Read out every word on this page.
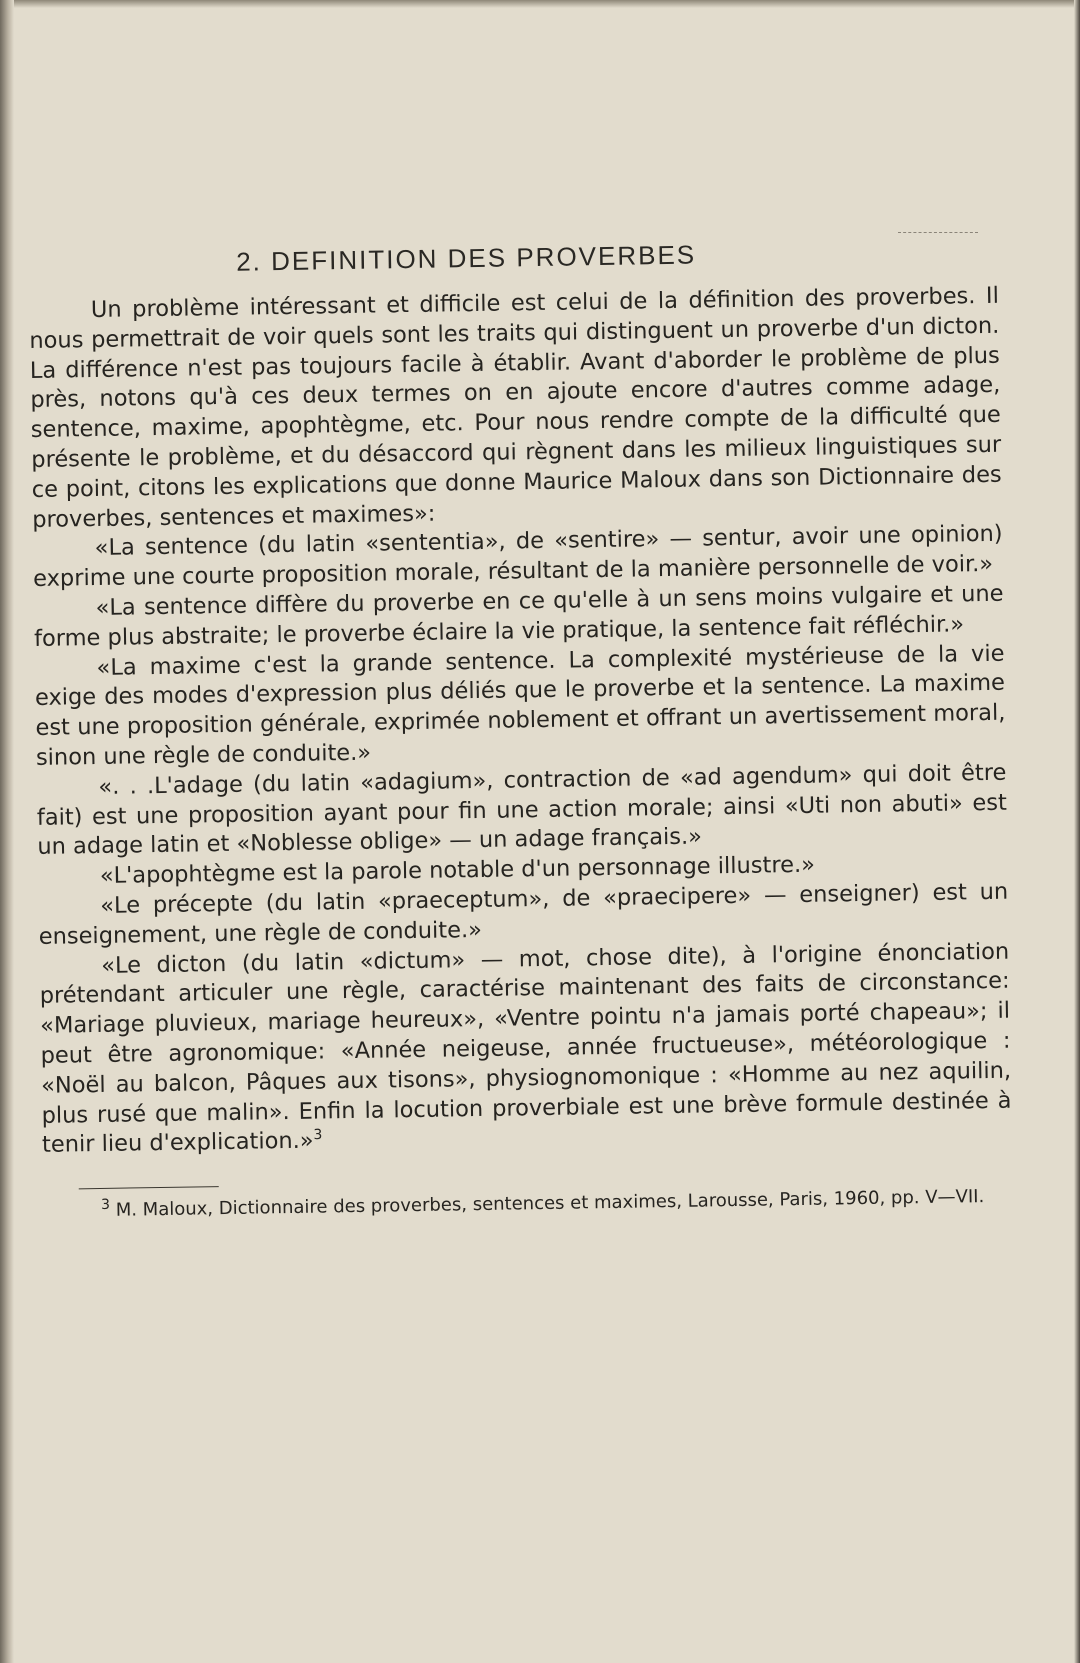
2. DEFINITION DES PROVERBES

Un problème intéressant et difficile est celui de la définition des proverbes. Il nous permettrait de voir quels sont les traits qui distinguent un proverbe d'un dicton. La différence n'est pas toujours facile à établir. Avant d'aborder le problème de plus près, notons qu'à ces deux termes on en ajoute encore d'autres comme adage, sentence, maxime, apophtègme, etc. Pour nous rendre compte de la difficulté que présente le problème, et du désaccord qui règnent dans les milieux linguistiques sur ce point, citons les explications que donne Maurice Maloux dans son Dictionnaire des proverbes, sentences et maximes»:

«La sentence (du latin «sententia», de «sentire» — sentur, avoir une opinion) exprime une courte proposition morale, résultant de la manière personnelle de voir.»

«La sentence diffère du proverbe en ce qu'elle à un sens moins vulgaire et une forme plus abstraite; le proverbe éclaire la vie pratique, la sentence fait réfléchir.»

«La maxime c'est la grande sentence. La complexité mystérieuse de la vie exige des modes d'expression plus déliés que le proverbe et la sentence. La maxime est une proposition générale, exprimée noblement et offrant un avertissement moral, sinon une règle de conduite.»

«. . .L'adage (du latin «adagium», contraction de «ad agendum» qui doit être fait) est une proposition ayant pour fin une action morale; ainsi «Uti non abuti» est un adage latin et «Noblesse oblige» — un adage français.»

«L'apophtègme est la parole notable d'un personnage illustre.»

«Le précepte (du latin «praeceptum», de «praecipere» — enseigner) est un enseignement, une règle de conduite.»

«Le dicton (du latin «dictum» — mot, chose dite), à l'origine énonciation prétendant articuler une règle, caractérise maintenant des faits de circonstance: «Mariage pluvieux, mariage heureux», «Ventre pointu n'a jamais porté chapeau»; il peut être agronomique: «Année neigeuse, année fructueuse», météorologique : «Noël au balcon, Pâques aux tisons», physiognomonique : «Homme au nez aquilin, plus rusé que malin». Enfin la locution proverbiale est une brève formule destinée à tenir lieu d'explication.»$^3$

$^3$ M. Maloux, Dictionnaire des proverbes, sentences et maximes, Larousse, Paris, 1960, pp. V—VII.
